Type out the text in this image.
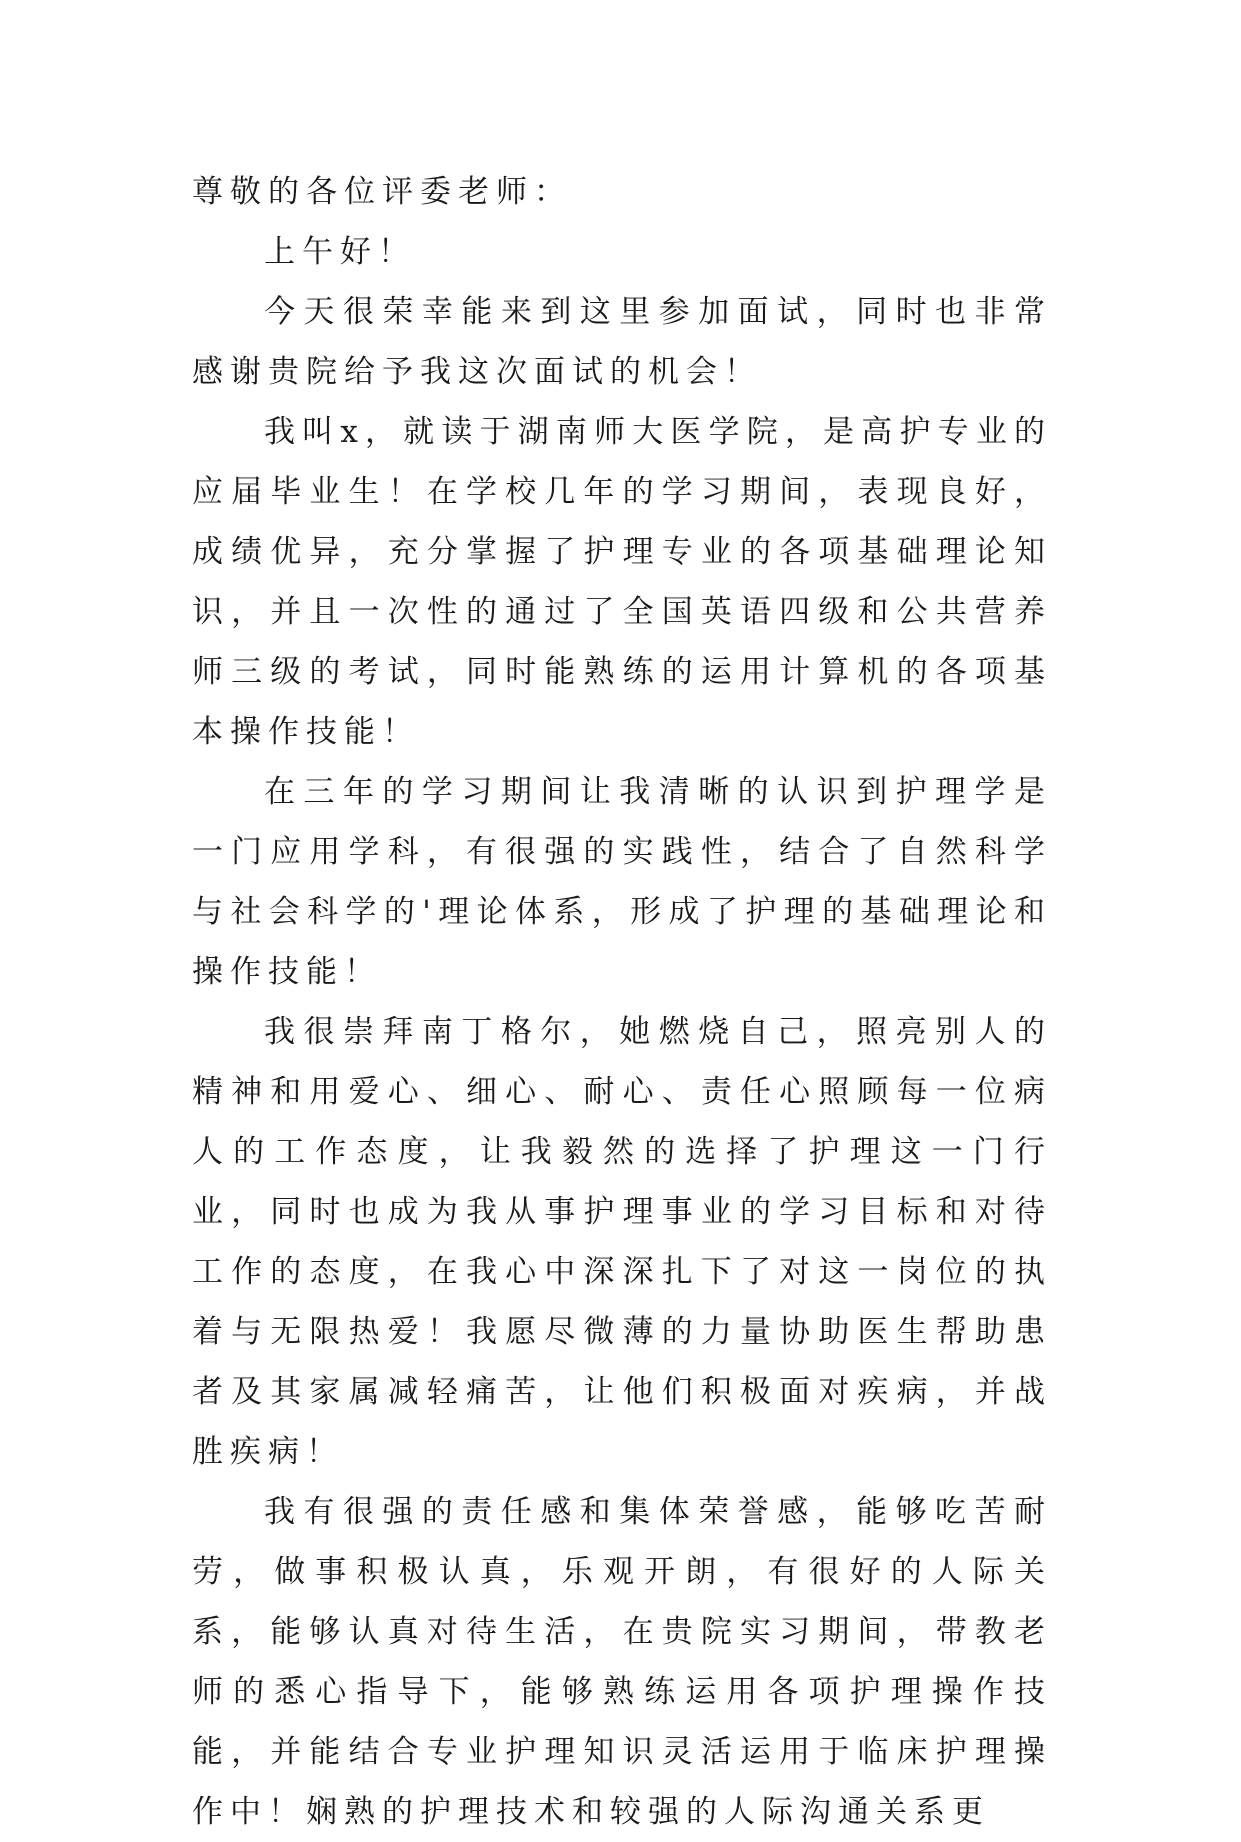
尊敬的各位评委老师：

上午好！

今天很荣幸能来到这里参加面试，同时也非常感谢贵院给予我这次面试的机会！

我叫x，就读于湖南师大医学院，是高护专业的应届毕业生！在学校几年的学习期间，表现良好，成绩优异，充分掌握了护理专业的各项基础理论知识，并且一次性的通过了全国英语四级和公共营养师三级的考试，同时能熟练的运用计算机的各项基本操作技能！

在三年的学习期间让我清晰的认识到护理学是一门应用学科，有很强的实践性，结合了自然科学与社会科学的'理论体系，形成了护理的基础理论和操作技能！

我很崇拜南丁格尔，她燃烧自己，照亮别人的精神和用爱心、细心、耐心、责任心照顾每一位病人的工作态度，让我毅然的选择了护理这一门行业，同时也成为我从事护理事业的学习目标和对待工作的态度，在我心中深深扎下了对这一岗位的执着与无限热爱！我愿尽微薄的力量协助医生帮助患者及其家属减轻痛苦，让他们积极面对疾病，并战胜疾病！

我有很强的责任感和集体荣誉感，能够吃苦耐劳，做事积极认真，乐观开朗，有很好的人际关系，能够认真对待生活，在贵院实习期间，带教老师的悉心指导下，能够熟练运用各项护理操作技能，并能结合专业护理知识灵活运用于临床护理操作中！娴熟的护理技术和较强的人际沟通关系更
